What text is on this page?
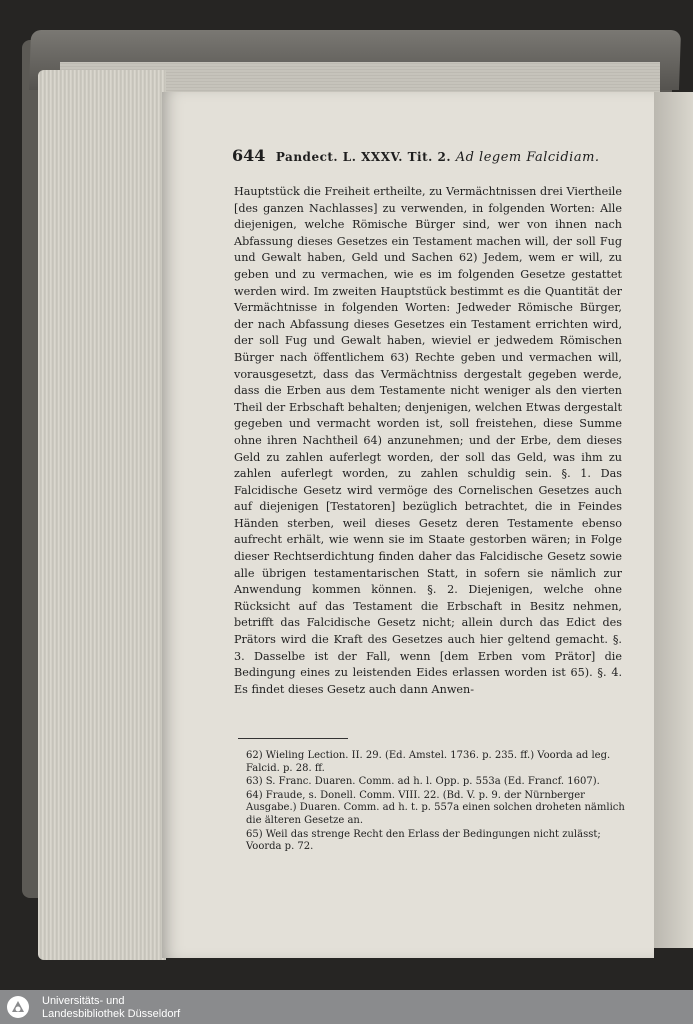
644 Pandect. L. XXXV. Tit. 2. Ad legem Falcidiam.
Hauptstück die Freiheit ertheilte, zu Vermächtnissen drei Viertheile [des ganzen Nachlasses] zu verwenden, in folgenden Worten: Alle diejenigen, welche Römische Bürger sind, wer von ihnen nach Abfassung dieses Gesetzes ein Testament machen will, der soll Fug und Gewalt haben, Geld und Sachen 62) Jedem, wem er will, zu geben und zu vermachen, wie es im folgenden Gesetze gestattet werden wird. Im zweiten Hauptstück bestimmt es die Quantität der Vermächtnisse in folgenden Worten: Jedweder Römische Bürger, der nach Abfassung dieses Gesetzes ein Testament errichten wird, der soll Fug und Gewalt haben, wieviel er jedwedem Römischen Bürger nach öffentlichem 63) Rechte geben und vermachen will, vorausgesetzt, dass das Vermächtniss dergestalt gegeben werde, dass die Erben aus dem Testamente nicht weniger als den vierten Theil der Erbschaft behalten; denjenigen, welchen Etwas dergestalt gegeben und vermacht worden ist, soll freistehen, diese Summe ohne ihren Nachtheil 64) anzunehmen; und der Erbe, dem dieses Geld zu zahlen auferlegt worden, der soll das Geld, was ihm zu zahlen auferlegt worden, zu zahlen schuldig sein. §. 1. Das Falcidische Gesetz wird vermöge des Cornelischen Gesetzes auch auf diejenigen [Testatoren] bezüglich betrachtet, die in Feindes Händen sterben, weil dieses Gesetz deren Testamente ebenso aufrecht erhält, wie wenn sie im Staate gestorben wären; in Folge dieser Rechtserdichtung finden daher das Falcidische Gesetz sowie alle übrigen testamentarischen Statt, in sofern sie nämlich zur Anwendung kommen können. §. 2. Diejenigen, welche ohne Rücksicht auf das Testament die Erbschaft in Besitz nehmen, betrifft das Falcidische Gesetz nicht; allein durch das Edict des Prätors wird die Kraft des Gesetzes auch hier geltend gemacht. §. 3. Dasselbe ist der Fall, wenn [dem Erben vom Prätor] die Bedingung eines zu leistenden Eides erlassen worden ist 65). §. 4. Es findet dieses Gesetz auch dann Anwen-

62) Wieling Lection. II. 29. (Ed. Amstel. 1736. p. 235. ff.) Voorda ad leg. Falcid. p. 28. ff.

63) S. Franc. Duaren. Comm. ad h. l. Opp. p. 553a (Ed. Francf. 1607).

64) Fraude, s. Donell. Comm. VIII. 22. (Bd. V. p. 9. der Nürnberger Ausgabe.) Duaren. Comm. ad h. t. p. 557a einen solchen droheten nämlich die älteren Gesetze an.

65) Weil das strenge Recht den Erlass der Bedingungen nicht zulässt; Voorda p. 72.

Universitäts- und
Landesbibliothek Düsseldorf
